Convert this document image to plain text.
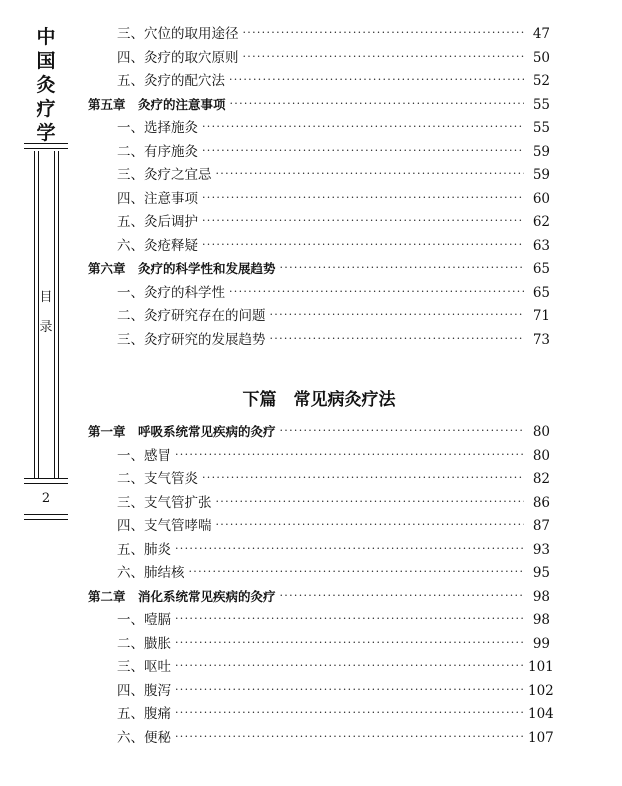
中
国
灸
疗
学
目
录
2
三、穴位的取用途径 ·····	47
四、灸疗的取穴原则 ·····	50
五、灸疗的配穴法 ·····	52
第五章　灸疗的注意事项 ·····	55
一、选择施灸 ·····	55
二、有序施灸 ·····	59
三、灸疗之宜忌 ·····	59
四、注意事项 ·····	60
五、灸后调护 ·····	62
六、灸疮释疑 ·····	63
第六章　灸疗的科学性和发展趋势 ·····	65
一、灸疗的科学性 ·····	65
二、灸疗研究存在的问题 ·····	71
三、灸疗研究的发展趋势 ·····	73
第一章　呼吸系统常见疾病的灸疗 ·····	80
一、感冒 ·····	80
二、支气管炎 ·····	82
三、支气管扩张 ·····	86
四、支气管哮喘 ·····	87
五、肺炎 ·····	93
六、肺结核 ·····	95
第二章　消化系统常见疾病的灸疗 ·····	98
一、噎膈 ·····	98
二、臌胀 ·····	99
三、呕吐 ·····	101
四、腹泻 ·····	102
五、腹痛 ·····	104
六、便秘 ·····	107
下篇　常见病灸疗法
